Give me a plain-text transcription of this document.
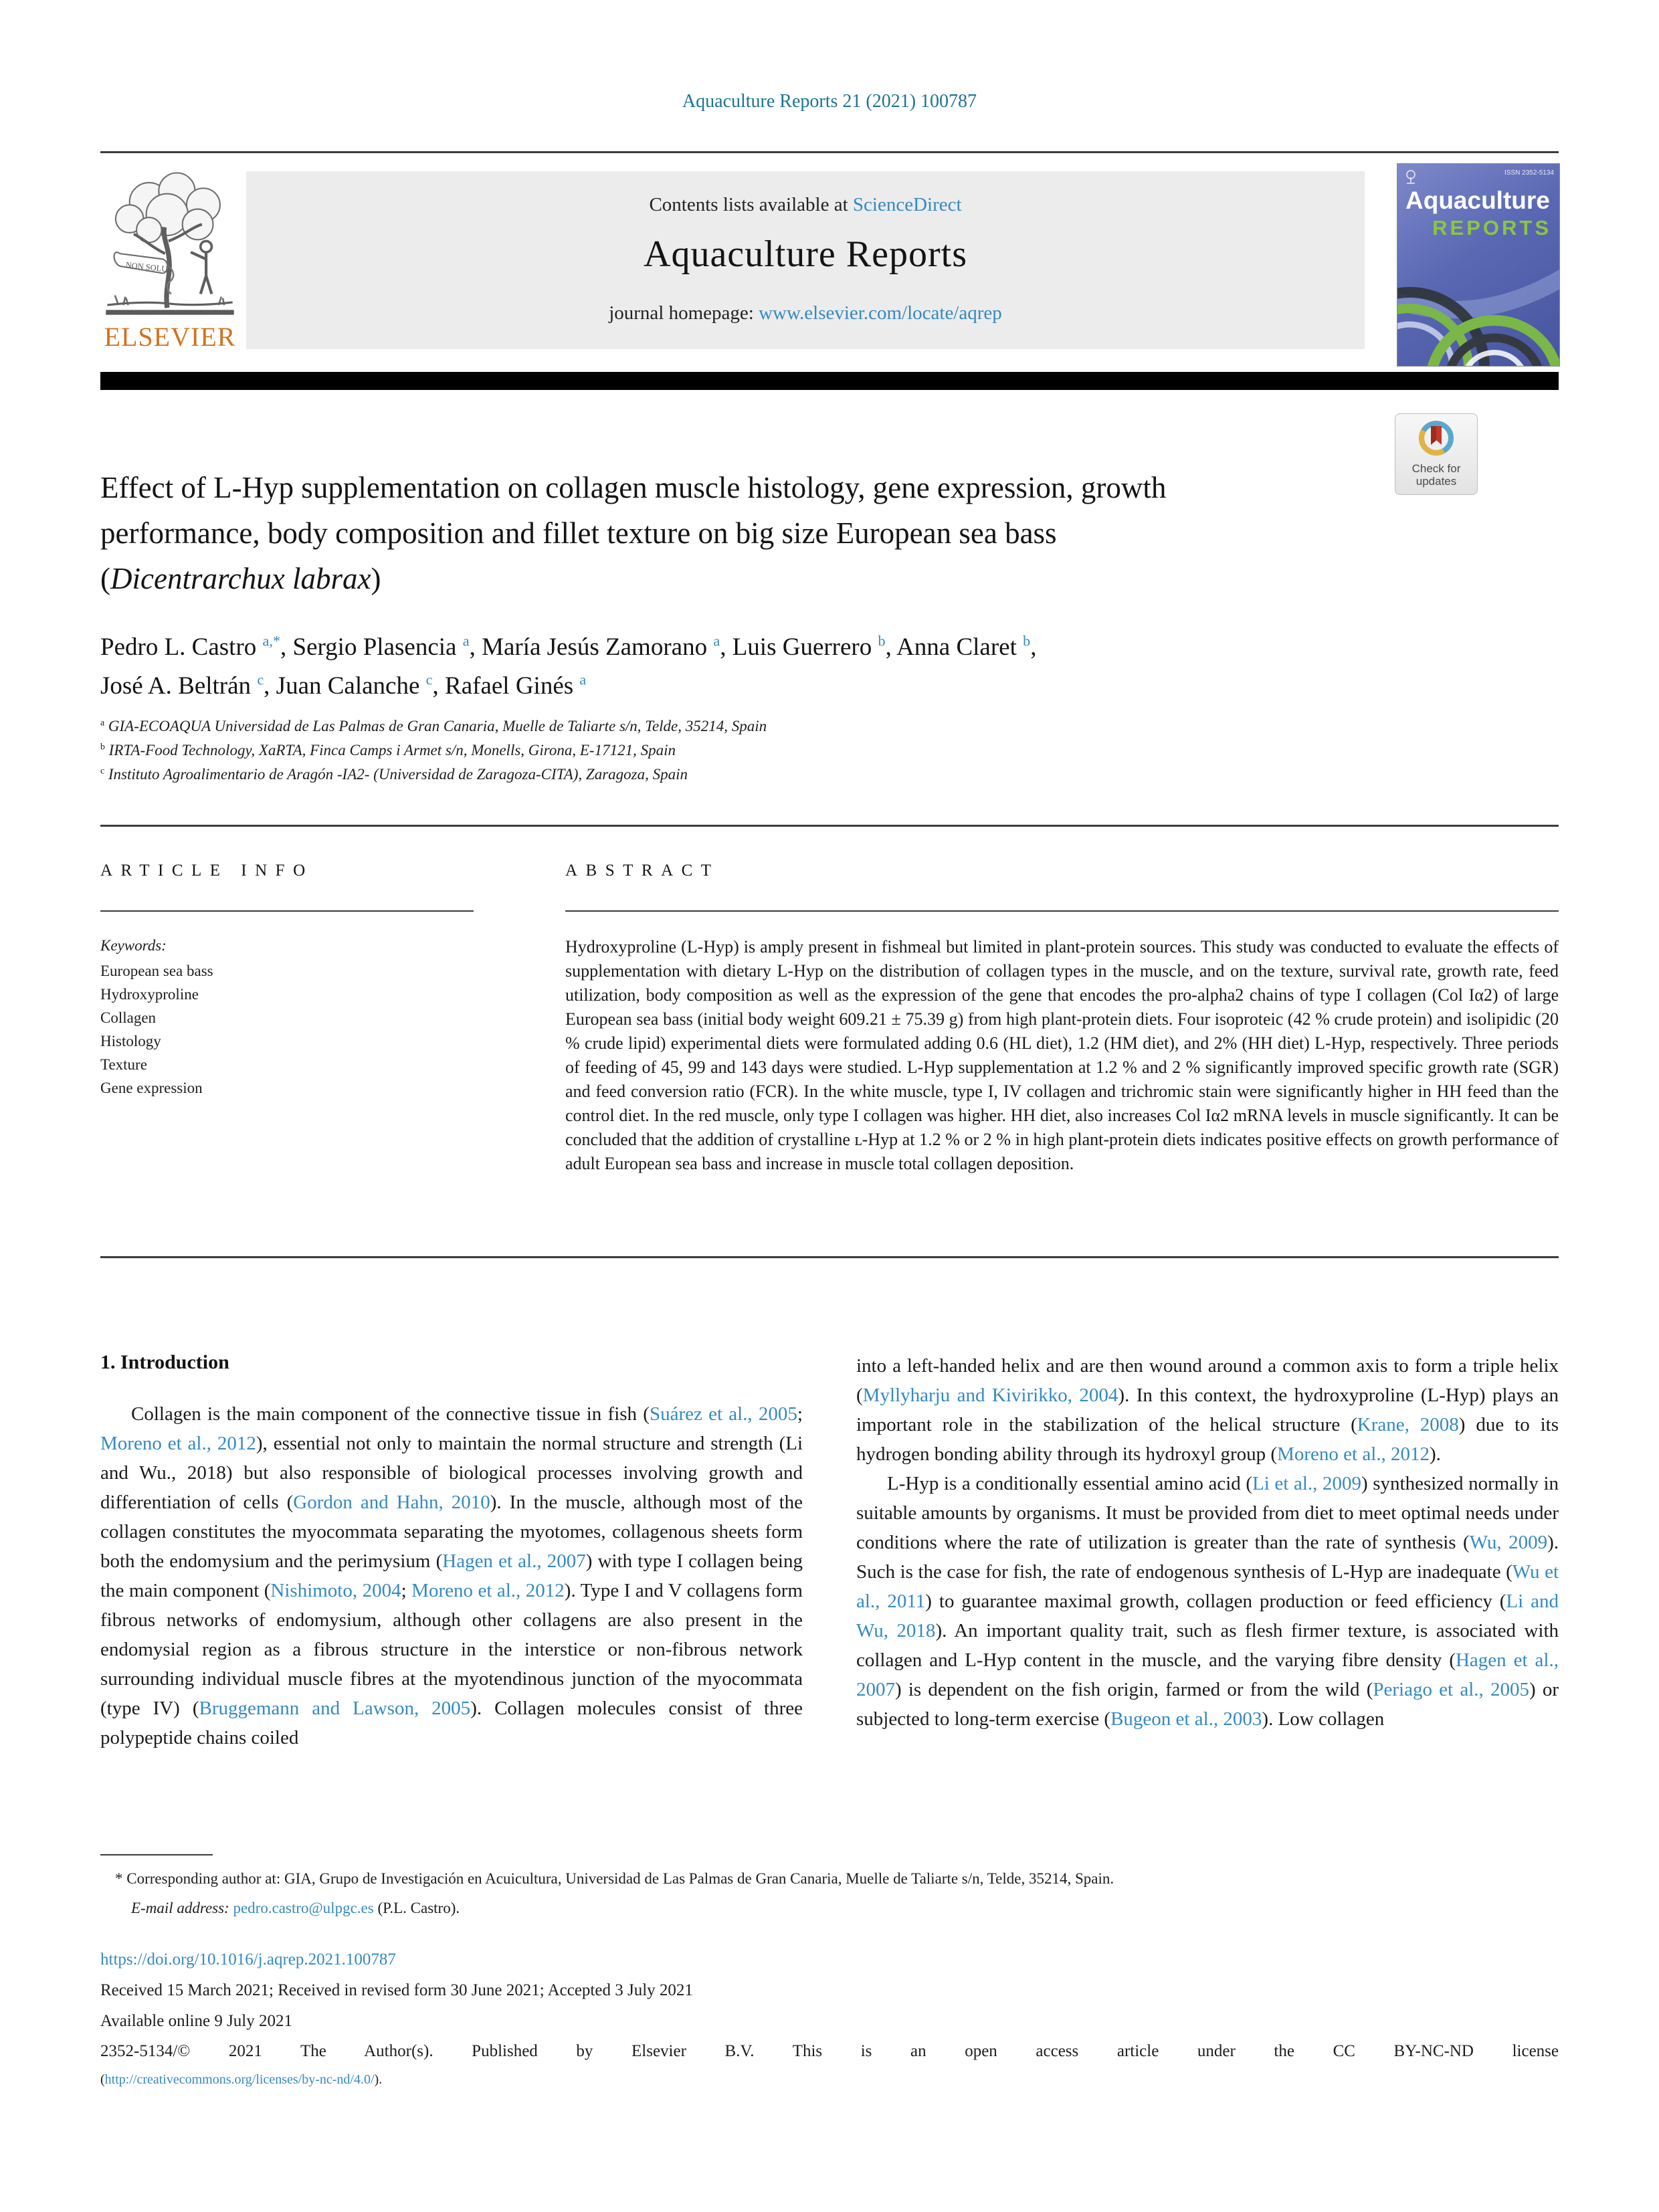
Aquaculture Reports 21 (2021) 100787
NON SOLUS
ELSEVIER
Contents lists available at ScienceDirect
Aquaculture Reports
journal homepage: www.elsevier.com/locate/aqrep
ISSN 2352-5134
Aquaculture
REPORTS
Effect of L-Hyp supplementation on collagen muscle histology, gene expression, growth performance, body composition and fillet texture on big size European sea bass (Dicentrarchux labrax)
Check for updates
Pedro L. Castro $^{a,*}$, Sergio Plasencia $^a$, María Jesús Zamorano $^a$, Luis Guerrero $^b$, Anna Claret $^b$,
José A. Beltrán $^c$, Juan Calanche $^c$, Rafael Ginés $^a$
$^a$ GIA-ECOAQUA Universidad de Las Palmas de Gran Canaria, Muelle de Taliarte s/n, Telde, 35214, Spain
$^b$ IRTA-Food Technology, XaRTA, Finca Camps i Armet s/n, Monells, Girona, E-17121, Spain
$^c$ Instituto Agroalimentario de Aragón -IA2- (Universidad de Zaragoza-CITA), Zaragoza, Spain
ARTICLE INFO
Keywords:
European sea bass
Hydroxyproline
Collagen
Histology
Texture
Gene expression
ABSTRACT
Hydroxyproline (L-Hyp) is amply present in fishmeal but limited in plant-protein sources. This study was conducted to evaluate the effects of supplementation with dietary L-Hyp on the distribution of collagen types in the muscle, and on the texture, survival rate, growth rate, feed utilization, body composition as well as the expression of the gene that encodes the pro-alpha2 chains of type I collagen (Col Iα2) of large European sea bass (initial body weight 609.21 ± 75.39 g) from high plant-protein diets. Four isoproteic (42 % crude protein) and isolipidic (20 % crude lipid) experimental diets were formulated adding 0.6 (HL diet), 1.2 (HM diet), and 2% (HH diet) L-Hyp, respectively. Three periods of feeding of 45, 99 and 143 days were studied. L-Hyp supplementation at 1.2 % and 2 % significantly improved specific growth rate (SGR) and feed conversion ratio (FCR). In the white muscle, type I, IV collagen and trichromic stain were significantly higher in HH feed than the control diet. In the red muscle, only type I collagen was higher. HH diet, also increases Col Iα2 mRNA levels in muscle significantly. It can be concluded that the addition of crystalline ʟ-Hyp at 1.2 % or 2 % in high plant-protein diets indicates positive effects on growth performance of adult European sea bass and increase in muscle total collagen deposition.
1. Introduction
Collagen is the main component of the connective tissue in fish (Suárez et al., 2005; Moreno et al., 2012), essential not only to maintain the normal structure and strength (Li and Wu., 2018) but also responsible of biological processes involving growth and differentiation of cells (Gordon and Hahn, 2010). In the muscle, although most of the collagen constitutes the myocommata separating the myotomes, collagenous sheets form both the endomysium and the perimysium (Hagen et al., 2007) with type I collagen being the main component (Nishimoto, 2004; Moreno et al., 2012). Type I and V collagens form fibrous networks of endomysium, although other collagens are also present in the endomysial region as a fibrous structure in the interstice or non-fibrous network surrounding individual muscle fibres at the myotendinous junction of the myocommata (type IV) (Bruggemann and Lawson, 2005). Collagen molecules consist of three polypeptide chains coiled
into a left-handed helix and are then wound around a common axis to form a triple helix (Myllyharju and Kivirikko, 2004). In this context, the hydroxyproline (L-Hyp) plays an important role in the stabilization of the helical structure (Krane, 2008) due to its hydrogen bonding ability through its hydroxyl group (Moreno et al., 2012).
L-Hyp is a conditionally essential amino acid (Li et al., 2009) synthesized normally in suitable amounts by organisms. It must be provided from diet to meet optimal needs under conditions where the rate of utilization is greater than the rate of synthesis (Wu, 2009). Such is the case for fish, the rate of endogenous synthesis of L-Hyp are inadequate (Wu et al., 2011) to guarantee maximal growth, collagen production or feed efficiency (Li and Wu, 2018). An important quality trait, such as flesh firmer texture, is associated with collagen and L-Hyp content in the muscle, and the varying fibre density (Hagen et al., 2007) is dependent on the fish origin, farmed or from the wild (Periago et al., 2005) or subjected to long-term exercise (Bugeon et al., 2003). Low collagen
* Corresponding author at: GIA, Grupo de Investigación en Acuicultura, Universidad de Las Palmas de Gran Canaria, Muelle de Taliarte s/n, Telde, 35214, Spain.
E-mail address: pedro.castro@ulpgc.es (P.L. Castro).
https://doi.org/10.1016/j.aqrep.2021.100787
Received 15 March 2021; Received in revised form 30 June 2021; Accepted 3 July 2021
Available online 9 July 2021
2352-5134/© 2021 The Author(s). Published by Elsevier B.V. This is an open access article under the CC BY-NC-ND license
(http://creativecommons.org/licenses/by-nc-nd/4.0/).
